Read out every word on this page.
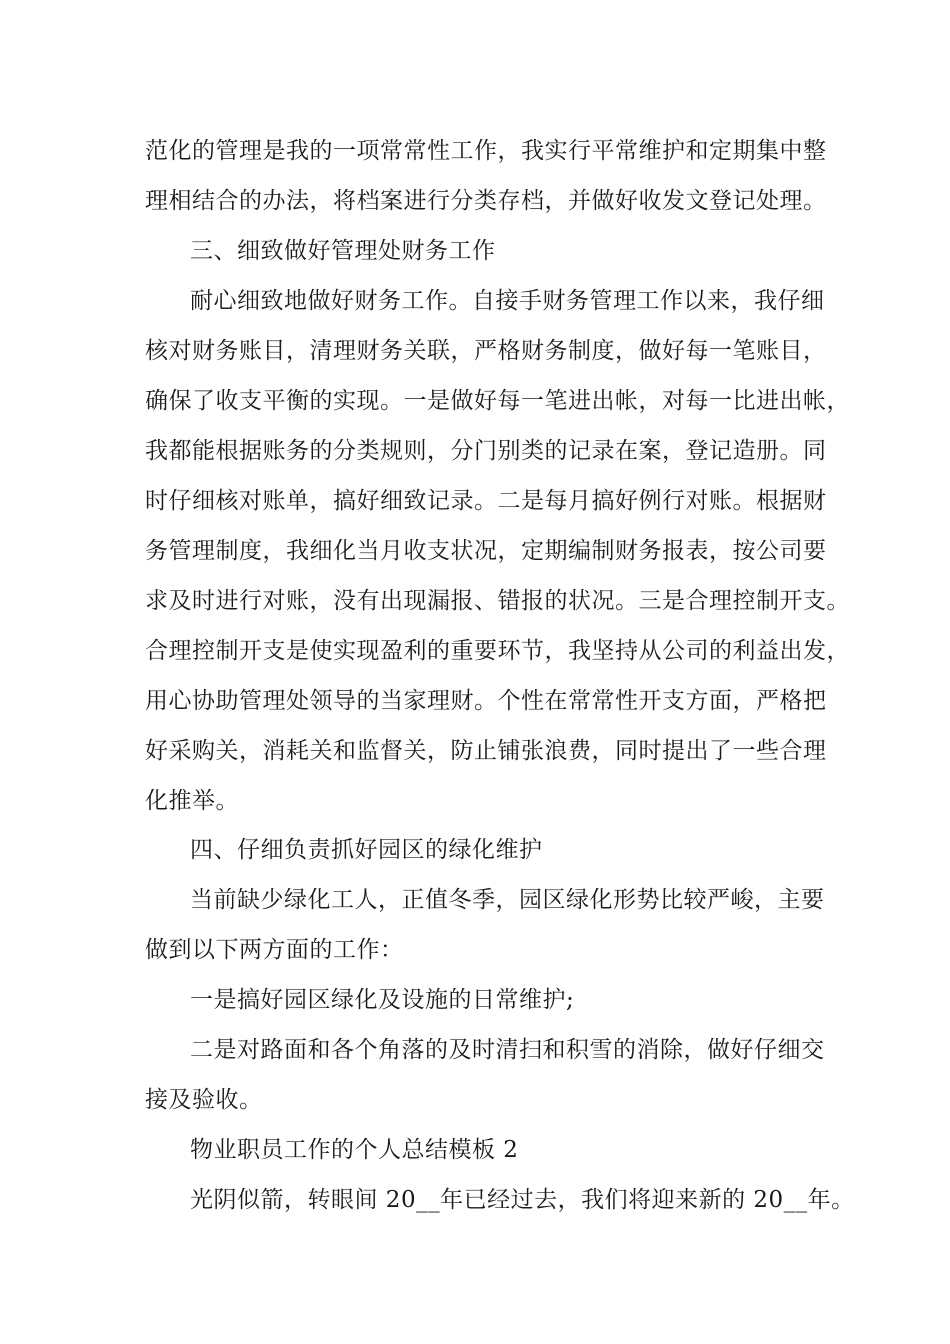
范化的管理是我的一项常常性工作，我实行平常维护和定期集中整
理相结合的办法，将档案进行分类存档，并做好收发文登记处理。
三、细致做好管理处财务工作
耐心细致地做好财务工作。自接手财务管理工作以来，我仔细
核对财务账目，清理财务关联，严格财务制度，做好每一笔账目，
确保了收支平衡的实现。一是做好每一笔进出帐，对每一比进出帐，
我都能根据账务的分类规则，分门别类的记录在案，登记造册。同
时仔细核对账单，搞好细致记录。二是每月搞好例行对账。根据财
务管理制度，我细化当月收支状况，定期编制财务报表，按公司要
求及时进行对账，没有出现漏报、错报的状况。三是合理控制开支。
合理控制开支是使实现盈利的重要环节，我坚持从公司的利益出发，
用心协助管理处领导的当家理财。个性在常常性开支方面，严格把
好采购关，消耗关和监督关，防止铺张浪费，同时提出了一些合理
化推举。
四、仔细负责抓好园区的绿化维护
当前缺少绿化工人，正值冬季，园区绿化形势比较严峻，主要
做到以下两方面的工作：
一是搞好园区绿化及设施的日常维护;
二是对路面和各个角落的及时清扫和积雪的消除，做好仔细交
接及验收。
物业职员工作的个人总结模板 2
光阴似箭，转眼间 20__年已经过去，我们将迎来新的 20__年。
